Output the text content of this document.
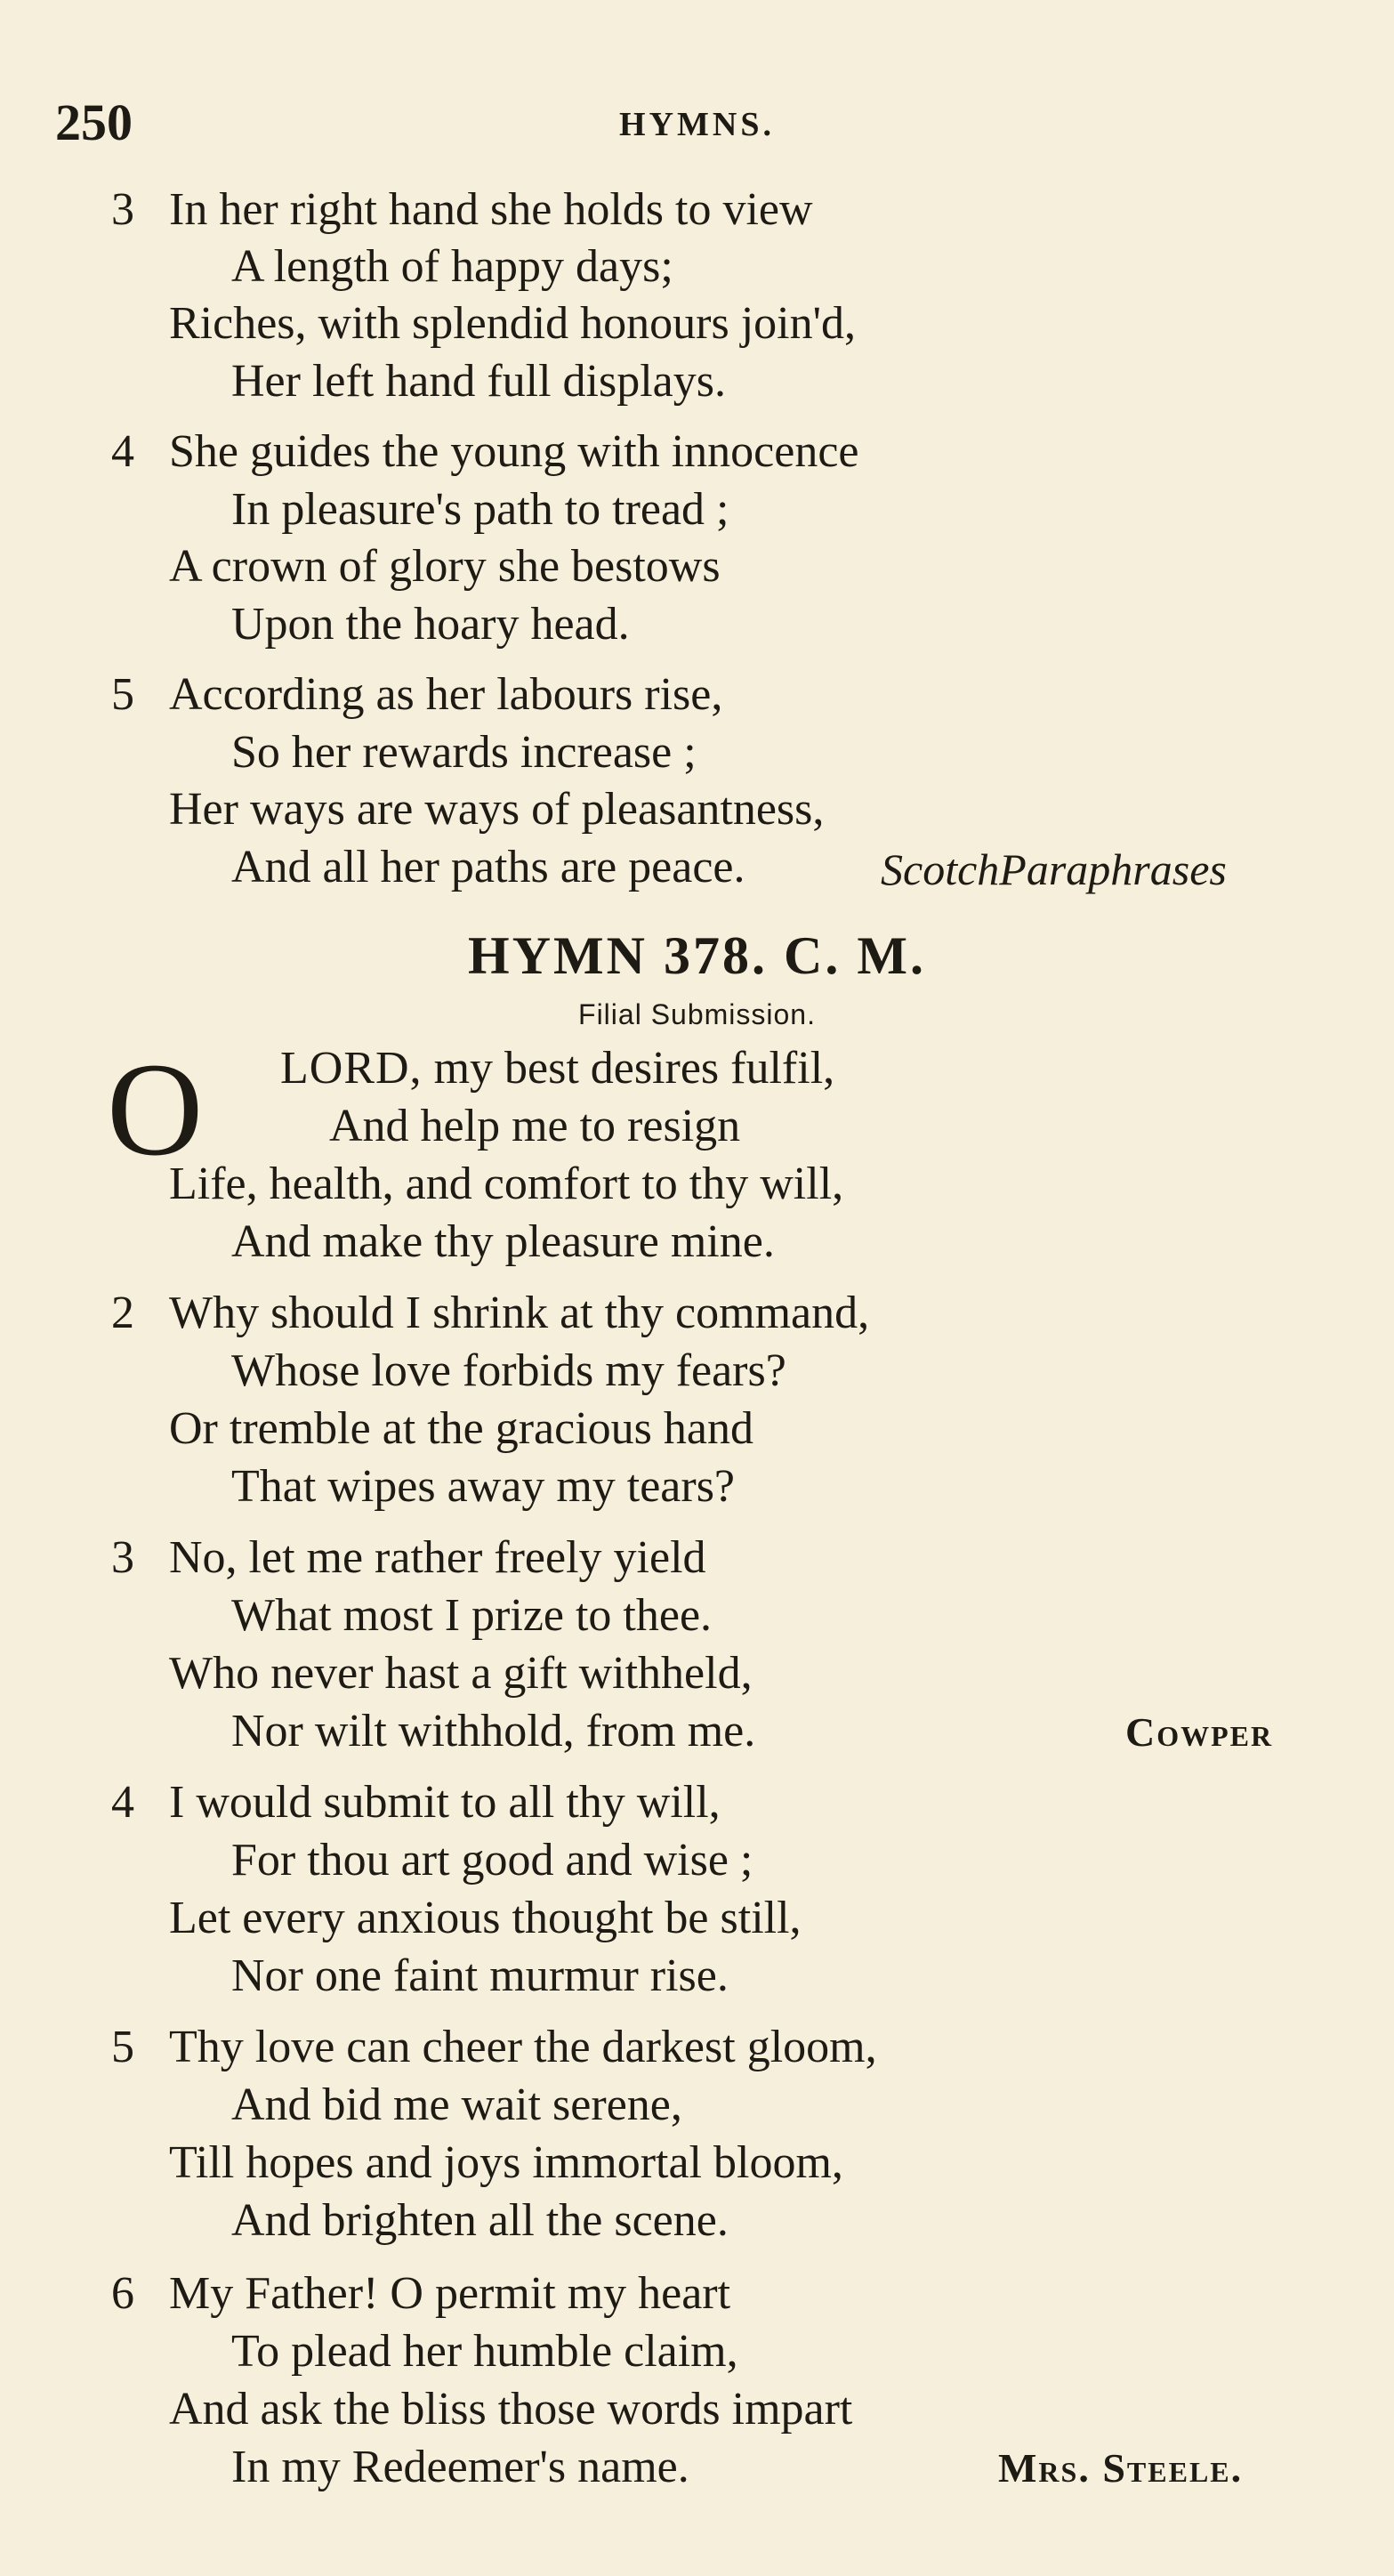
250	HYMNS.
3 In her right hand she holds to view
A length of happy days;
Riches, with splendid honours join'd,
Her left hand full displays.
4 She guides the young with innocence
In pleasure's path to tread ;
A crown of glory she bestows
Upon the hoary head.
5 According as her labours rise,
So her rewards increase ;
Her ways are ways of pleasantness,
And all her paths are peace.	ScotchParaphrases
HYMN 378. C. M.
Filial Submission.
O LORD, my best desires fulfil,
And help me to resign
Life, health, and comfort to thy will,
And make thy pleasure mine.
2 Why should I shrink at thy command,
Whose love forbids my fears?
Or tremble at the gracious hand
That wipes away my tears?
3 No, let me rather freely yield
What most I prize to thee.
Who never hast a gift withheld,
Nor wilt withhold, from me.	Cowper
4 I would submit to all thy will,
For thou art good and wise ;
Let every anxious thought be still,
Nor one faint murmur rise.
5 Thy love can cheer the darkest gloom,
And bid me wait serene,
Till hopes and joys immortal bloom,
And brighten all the scene.
6 My Father! O permit my heart
To plead her humble claim,
And ask the bliss those words impart
In my Redeemer's name.	Mrs. Steele.
